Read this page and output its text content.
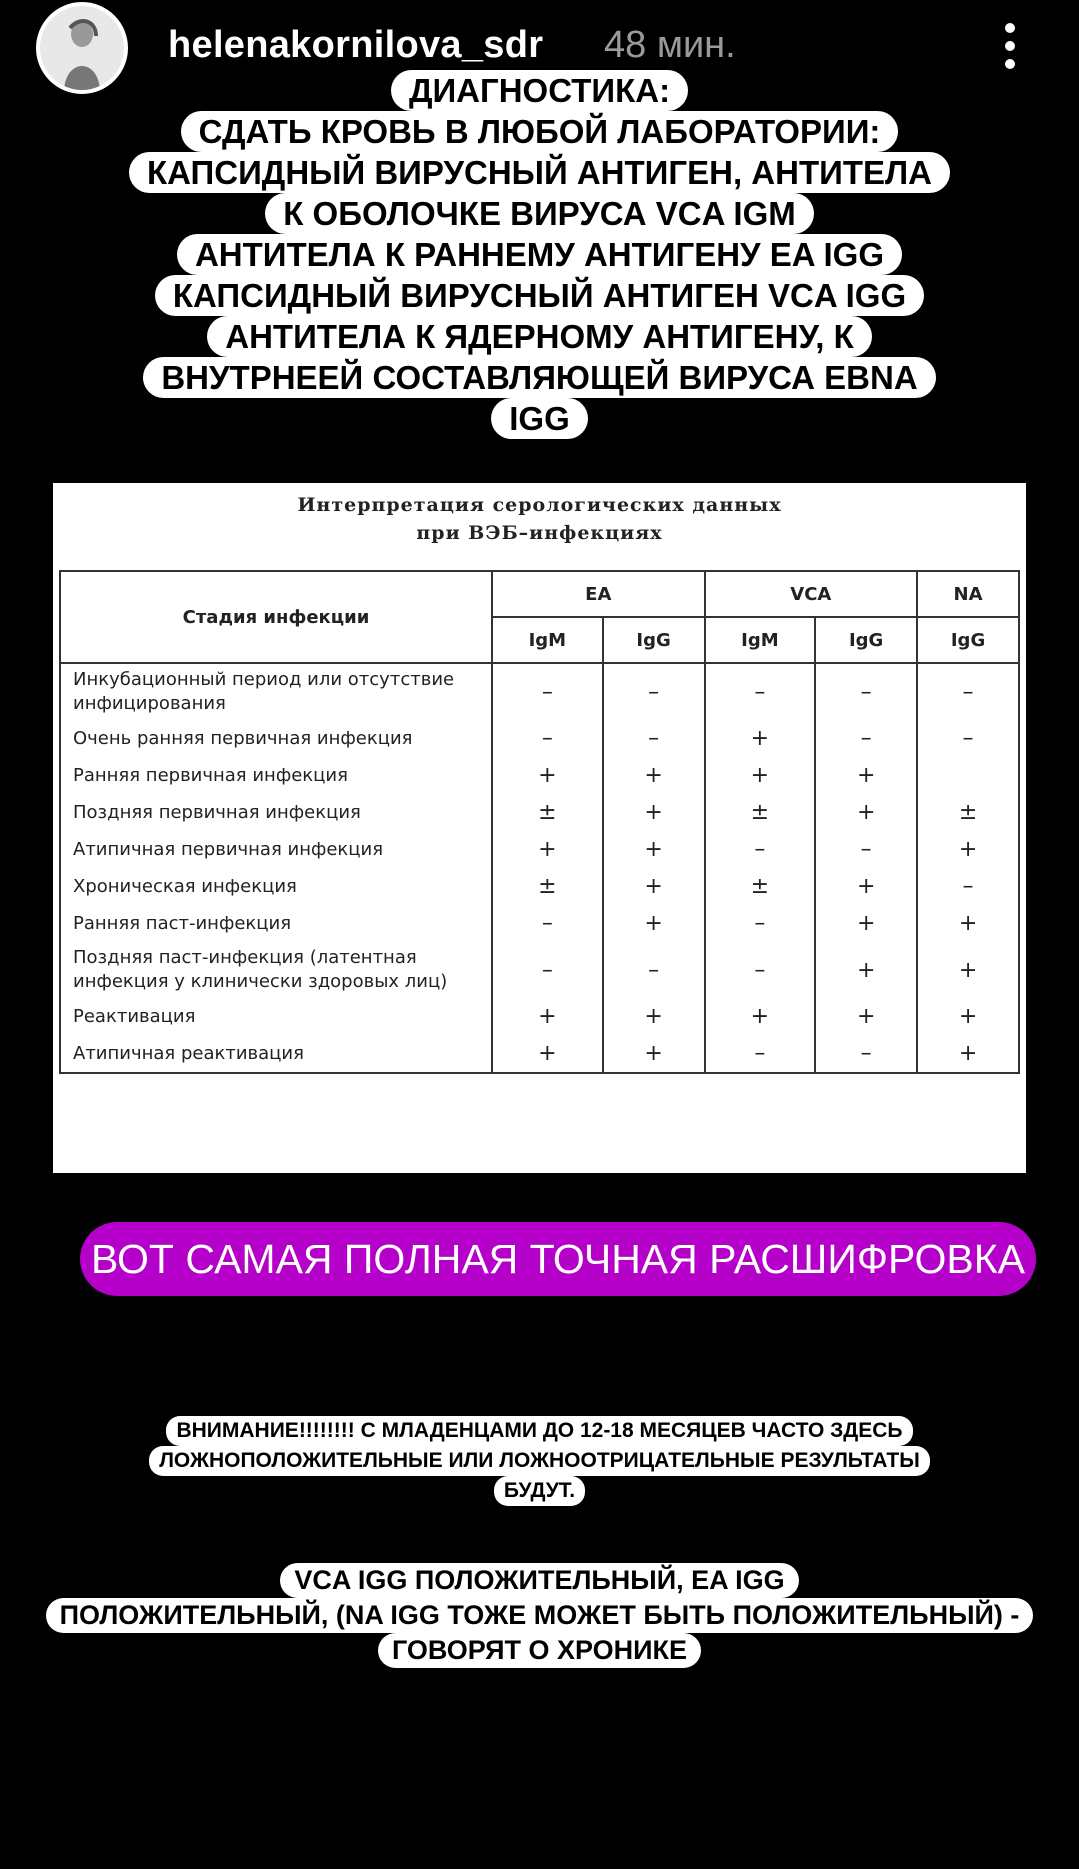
helenakornilova_sdr 48 мин.
ДИАГНОСТИКА:
СДАТЬ КРОВЬ В ЛЮБОЙ ЛАБОРАТОРИИ:
КАПСИДНЫЙ ВИРУСНЫЙ АНТИГЕН, АНТИТЕЛА
К ОБОЛОЧКЕ ВИРУСА VCA IGM
АНТИТЕЛА К РАННЕМУ АНТИГЕНУ EA IGG
КАПСИДНЫЙ ВИРУСНЫЙ АНТИГЕН VCA IGG
АНТИТЕЛА К ЯДЕРНОМУ АНТИГЕНУ, К
ВНУТРНЕЕЙ СОСТАВЛЯЮЩЕЙ ВИРУСА EBNA
IGG
Интерпретация серологических данных
при ВЭБ–инфекциях
Стадия инфекции	EA		VCA		NA
	IgM	IgG	IgM	IgG	IgG
Инкубационный период или отсутствие инфицирования	–	–	–	–	–
Очень ранняя первичная инфекция	–	–	+	–	–
Ранняя первичная инфекция	+	+	+	+	
Поздняя первичная инфекция	±	+	±	+	±
Атипичная первичная инфекция	+	+	–	–	+
Хроническая инфекция	±	+	±	+	–
Ранняя паст-инфекция	–	+	–	+	+
Поздняя паст-инфекция (латентная инфекция у клинически здоровых лиц)	–	–	–	+	+
Реактивация	+	+	+	+	+
Атипичная реактивация	+	+	–	–	+
ВОТ САМАЯ ПОЛНАЯ ТОЧНАЯ РАСШИФРОВКА
ВНИМАНИЕ!!!!!!!! С МЛАДЕНЦАМИ ДО 12-18 МЕСЯЦЕВ ЧАСТО ЗДЕСЬ
ЛОЖНОПОЛОЖИТЕЛЬНЫЕ ИЛИ ЛОЖНООТРИЦАТЕЛЬНЫЕ РЕЗУЛЬТАТЫ
БУДУТ.
VCA IGG ПОЛОЖИТЕЛЬНЫЙ, EA IGG
ПОЛОЖИТЕЛЬНЫЙ, (NA IGG ТОЖЕ МОЖЕТ БЫТЬ ПОЛОЖИТЕЛЬНЫЙ) -
ГОВОРЯТ О ХРОНИКЕ
